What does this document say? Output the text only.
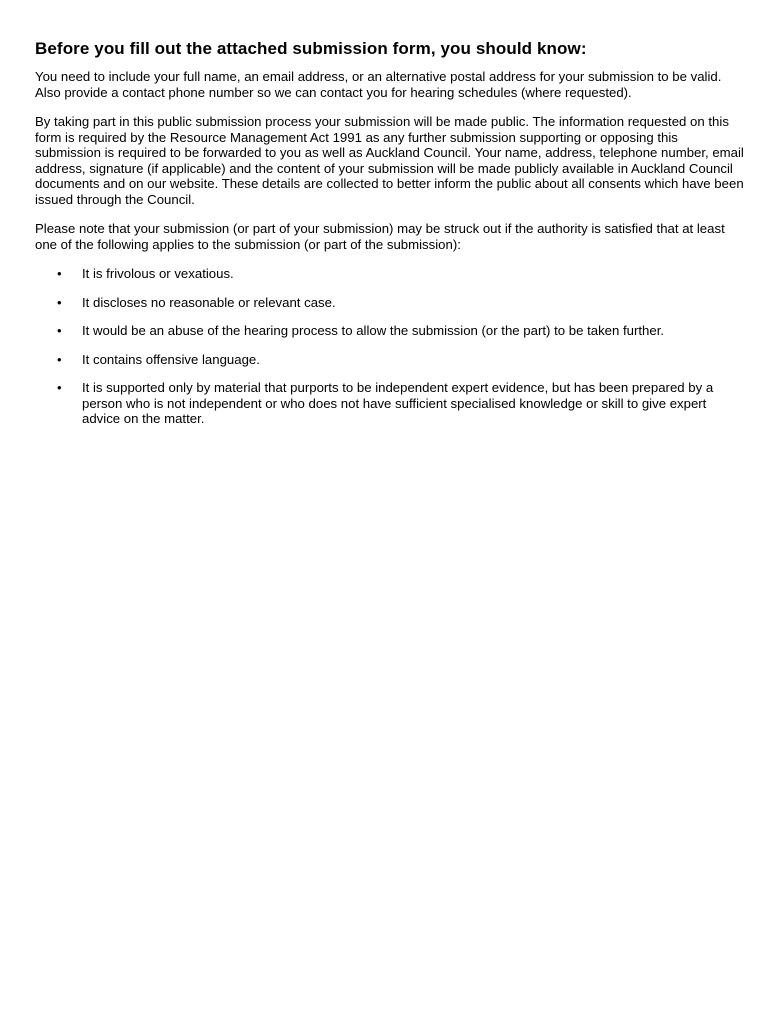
Before you fill out the attached submission form, you should know:

You need to include your full name, an email address, or an alternative postal address for your submission to be valid. Also provide a contact phone number so we can contact you for hearing schedules (where requested).

By taking part in this public submission process your submission will be made public. The information requested on this form is required by the Resource Management Act 1991 as any further submission supporting or opposing this submission is required to be forwarded to you as well as Auckland Council. Your name, address, telephone number, email address, signature (if applicable) and the content of your submission will be made publicly available in Auckland Council documents and on our website. These details are collected to better inform the public about all consents which have been issued through the Council.

Please note that your submission (or part of your submission) may be struck out if the authority is satisfied that at least one of the following applies to the submission (or part of the submission):

• It is frivolous or vexatious.
• It discloses no reasonable or relevant case.
• It would be an abuse of the hearing process to allow the submission (or the part) to be taken further.
• It contains offensive language.
• It is supported only by material that purports to be independent expert evidence, but has been prepared by a person who is not independent or who does not have sufficient specialised knowledge or skill to give expert advice on the matter.
